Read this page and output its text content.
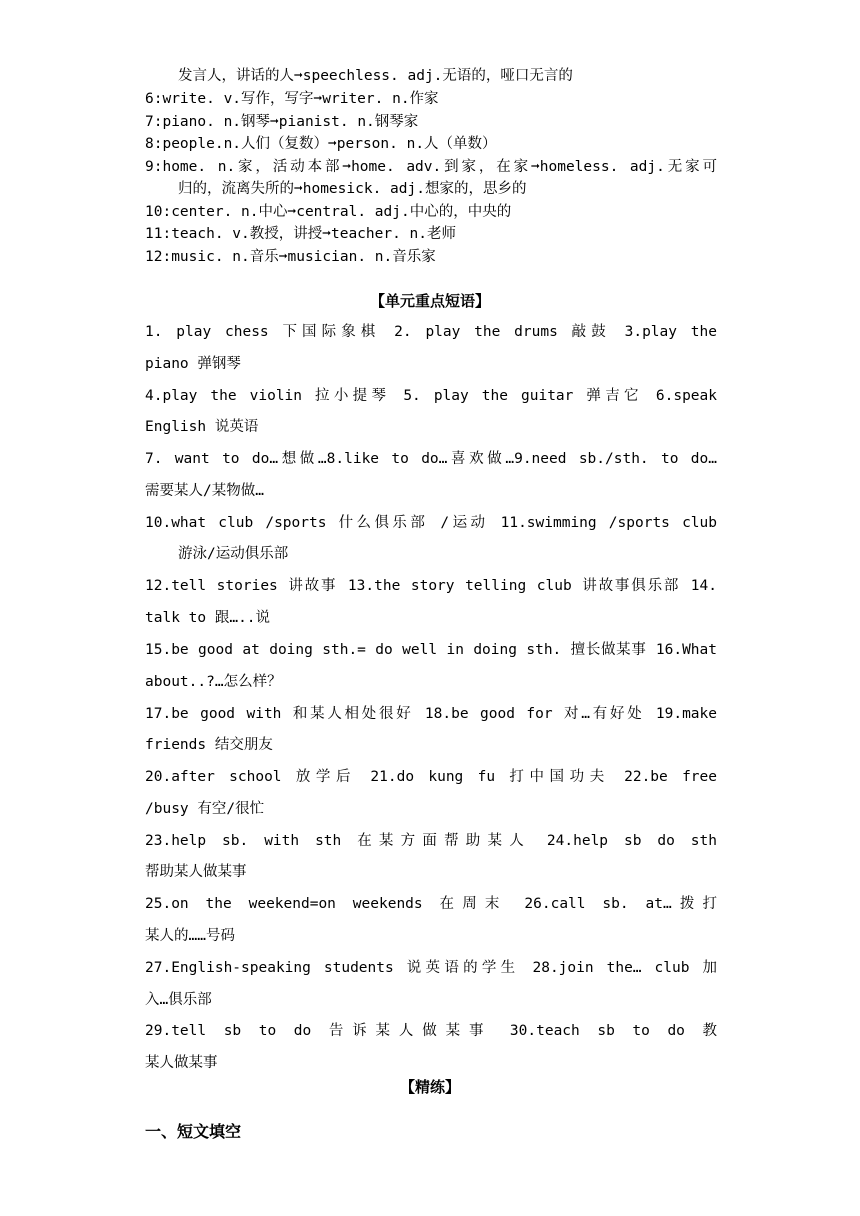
发言人，讲话的人➞speechless. adj.无语的，哑口无言的
6:write. v.写作，写字➞writer. n.作家
7:piano. n.钢琴➞pianist. n.钢琴家
8:people.n.人们（复数）➞person. n.人（单数）
9:home. n.家，活动本部➞home. adv.到家，在家➞homeless. adj.无家可
归的，流离失所的➞homesick. adj.想家的，思乡的
10:center. n.中心➞central. adj.中心的，中央的
11:teach. v.教授，讲授➞teacher. n.老师
12:music. n.音乐➞musician. n.音乐家
【单元重点短语】
1. play chess 下国际象棋 2. play the drums 敲鼓 3.play the
piano 弹钢琴
4.play the violin 拉小提琴 5. play the guitar 弹吉它 6.speak
English 说英语
7. want to do…想做…8.like to do…喜欢做…9.need sb./sth. to do…
需要某人/某物做…
10.what club /sports 什么俱乐部 /运动 11.swimming /sports club
游泳/运动俱乐部
12.tell stories 讲故事 13.the story telling club 讲故事俱乐部 14.
talk to 跟…..说
15.be good at doing sth.= do well in doing sth. 擅长做某事 16.What
about..?…怎么样？
17.be good with 和某人相处很好 18.be good for 对…有好处 19.make
friends 结交朋友
20.after school 放学后 21.do kung fu 打中国功夫 22.be free
/busy 有空/很忙
23.help sb. with sth 在某方面帮助某人 24.help sb do sth
帮助某人做某事
25.on the weekend=on weekends 在周末 26.call sb. at…拨打
某人的……号码
27.English-speaking students 说英语的学生 28.join the… club 加
入…俱乐部
29.tell sb to do 告诉某人做某事 30.teach sb to do 教
某人做某事
【精练】
一、短文填空
